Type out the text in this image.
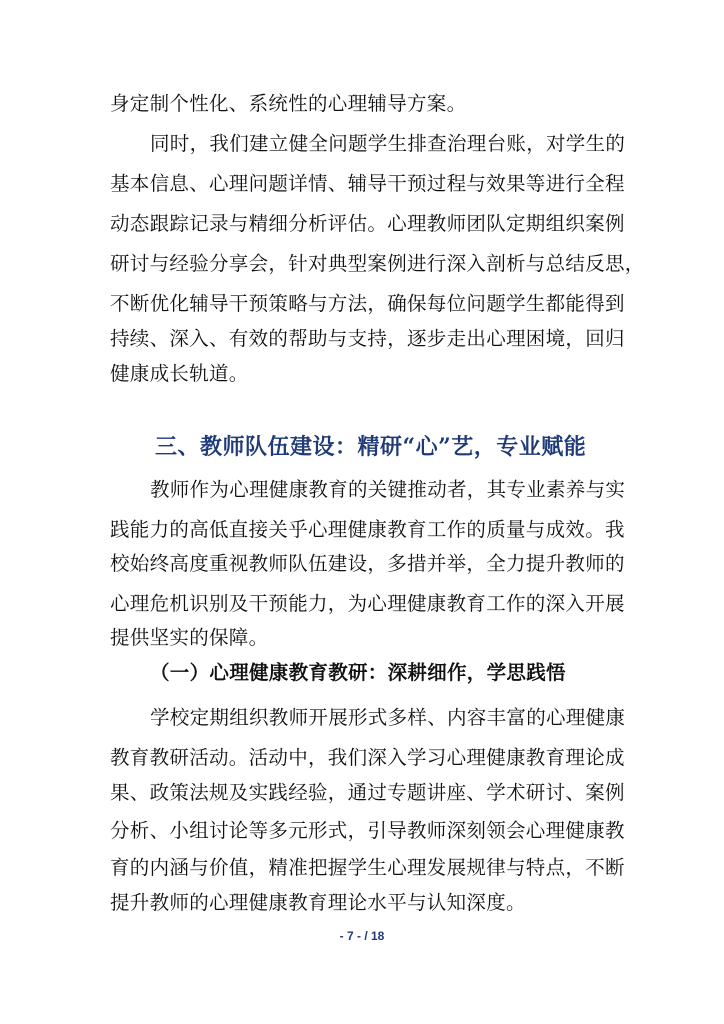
身定制个性化、系统性的心理辅导方案。
同时，我们建立健全问题学生排查治理台账，对学生的
基本信息、心理问题详情、辅导干预过程与效果等进行全程
动态跟踪记录与精细分析评估。心理教师团队定期组织案例
研讨与经验分享会，针对典型案例进行深入剖析与总结反思，
不断优化辅导干预策略与方法，确保每位问题学生都能得到
持续、深入、有效的帮助与支持，逐步走出心理困境，回归
健康成长轨道。
三、教师队伍建设：精研“心”艺，专业赋能
教师作为心理健康教育的关键推动者，其专业素养与实
践能力的高低直接关乎心理健康教育工作的质量与成效。我
校始终高度重视教师队伍建设，多措并举，全力提升教师的
心理危机识别及干预能力，为心理健康教育工作的深入开展
提供坚实的保障。
（一）心理健康教育教研：深耕细作，学思践悟
学校定期组织教师开展形式多样、内容丰富的心理健康
教育教研活动。活动中，我们深入学习心理健康教育理论成
果、政策法规及实践经验，通过专题讲座、学术研讨、案例
分析、小组讨论等多元形式，引导教师深刻领会心理健康教
育的内涵与价值，精准把握学生心理发展规律与特点，不断
提升教师的心理健康教育理论水平与认知深度。
- 7 - / 18
